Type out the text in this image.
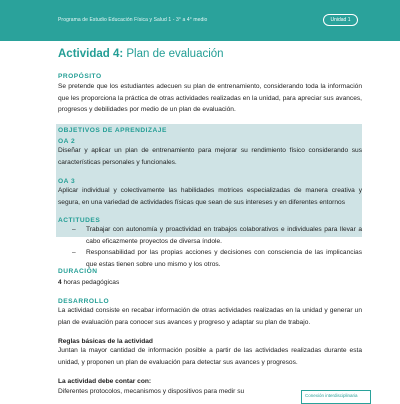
Programa de Estudio Educación Física y Salud 1 - 3° a 4° medio	Unidad 1
Actividad 4: Plan de evaluación
PROPÓSITO
Se pretende que los estudiantes adecuen su plan de entrenamiento, considerando toda la información que les proporciona la práctica de otras actividades realizadas en la unidad, para apreciar sus avances, progresos y debilidades por medio de un plan de evaluación.
OBJETIVOS DE APRENDIZAJE
OA 2
Diseñar y aplicar un plan de entrenamiento para mejorar su rendimiento físico considerando sus características personales y funcionales.
OA 3
Aplicar individual y colectivamente las habilidades motrices especializadas de manera creativa y segura, en una variedad de actividades físicas que sean de sus intereses y en diferentes entornos
ACTITUDES
– Trabajar con autonomía y proactividad en trabajos colaborativos e individuales para llevar a cabo eficazmente proyectos de diversa índole.
– Responsabilidad por las propias acciones y decisiones con consciencia de las implicancias que estas tienen sobre uno mismo y los otros.
DURACIÓN
4 horas pedagógicas
DESARROLLO
La actividad consiste en recabar información de otras actividades realizadas en la unidad y generar un plan de evaluación para conocer sus avances y progreso y adaptar su plan de trabajo.
Reglas básicas de la actividad
Juntan la mayor cantidad de información posible a partir de las actividades realizadas durante esta unidad, y proponen un plan de evaluación para detectar sus avances y progresos.
La actividad debe contar con:
Diferentes protocolos, mecanismos y dispositivos para medir su
Conexión interdisciplinaria
